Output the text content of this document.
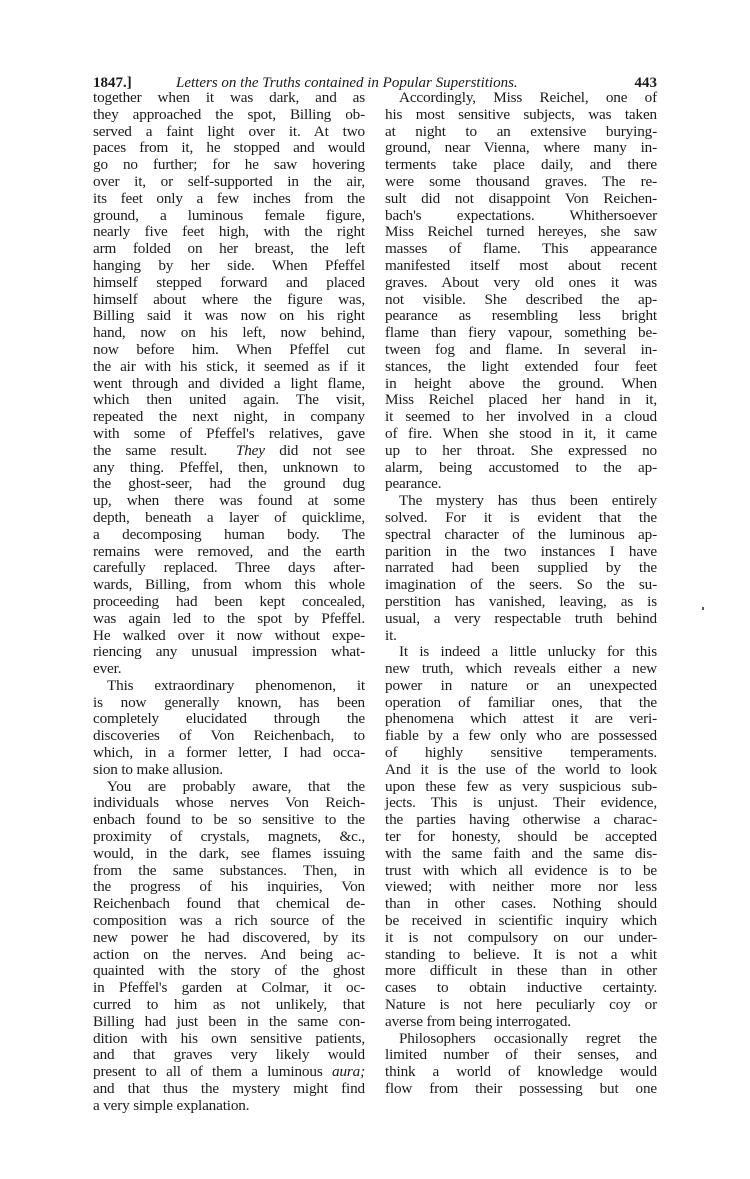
1847.]	Letters on the Truths contained in Popular Superstitions.	443
together when it was dark, and as
they approached the spot, Billing ob-
served a faint light over it. At two
paces from it, he stopped and would
go no further; for he saw hovering
over it, or self-supported in the air,
its feet only a few inches from the
ground, a luminous female figure,
nearly five feet high, with the right
arm folded on her breast, the left
hanging by her side. When Pfeffel
himself stepped forward and placed
himself about where the figure was,
Billing said it was now on his right
hand, now on his left, now behind,
now before him. When Pfeffel cut
the air with his stick, it seemed as if it
went through and divided a light flame,
which then united again. The visit,
repeated the next night, in company
with some of Pfeffel's relatives, gave
the same result.  They did not see
any thing. Pfeffel, then, unknown to
the ghost-seer, had the ground dug
up, when there was found at some
depth, beneath a layer of quicklime,
a decomposing human body. The
remains were removed, and the earth
carefully replaced. Three days after-
wards, Billing, from whom this whole
proceeding had been kept concealed,
was again led to the spot by Pfeffel.
He walked over it now without expe-
riencing any unusual impression what-
ever.
This extraordinary phenomenon, it
is now generally known, has been
completely elucidated through the
discoveries of Von Reichenbach, to
which, in a former letter, I had occa-
sion to make allusion.
You are probably aware, that the
individuals whose nerves Von Reich-
enbach found to be so sensitive to the
proximity of crystals, magnets, &c.,
would, in the dark, see flames issuing
from the same substances. Then, in
the progress of his inquiries, Von
Reichenbach found that chemical de-
composition was a rich source of the
new power he had discovered, by its
action on the nerves. And being ac-
quainted with the story of the ghost
in Pfeffel's garden at Colmar, it oc-
curred to him as not unlikely, that
Billing had just been in the same con-
dition with his own sensitive patients,
and that graves very likely would
present to all of them a luminous aura;
and that thus the mystery might find
a very simple explanation.
Accordingly, Miss Reichel, one of
his most sensitive subjects, was taken
at night to an extensive burying-
ground, near Vienna, where many in-
terments take place daily, and there
were some thousand graves. The re-
sult did not disappoint Von Reichen-
bach's expectations. Whithersoever
Miss Reichel turned hereyes, she saw
masses of flame. This appearance
manifested itself most about recent
graves. About very old ones it was
not visible. She described the ap-
pearance as resembling less bright
flame than fiery vapour, something be-
tween fog and flame. In several in-
stances, the light extended four feet
in height above the ground. When
Miss Reichel placed her hand in it,
it seemed to her involved in a cloud
of fire. When she stood in it, it came
up to her throat. She expressed no
alarm, being accustomed to the ap-
pearance.
The mystery has thus been entirely
solved. For it is evident that the
spectral character of the luminous ap-
parition in the two instances I have
narrated had been supplied by the
imagination of the seers. So the su-
perstition has vanished, leaving, as is
usual, a very respectable truth behind
it.
It is indeed a little unlucky for this
new truth, which reveals either a new
power in nature or an unexpected
operation of familiar ones, that the
phenomena which attest it are veri-
fiable by a few only who are possessed
of highly sensitive temperaments.
And it is the use of the world to look
upon these few as very suspicious sub-
jects. This is unjust. Their evidence,
the parties having otherwise a charac-
ter for honesty, should be accepted
with the same faith and the same dis-
trust with which all evidence is to be
viewed; with neither more nor less
than in other cases. Nothing should
be received in scientific inquiry which
it is not compulsory on our under-
standing to believe. It is not a whit
more difficult in these than in other
cases to obtain inductive certainty.
Nature is not here peculiarly coy or
averse from being interrogated.
Philosophers occasionally regret the
limited number of their senses, and
think a world of knowledge would
flow from their possessing but one
